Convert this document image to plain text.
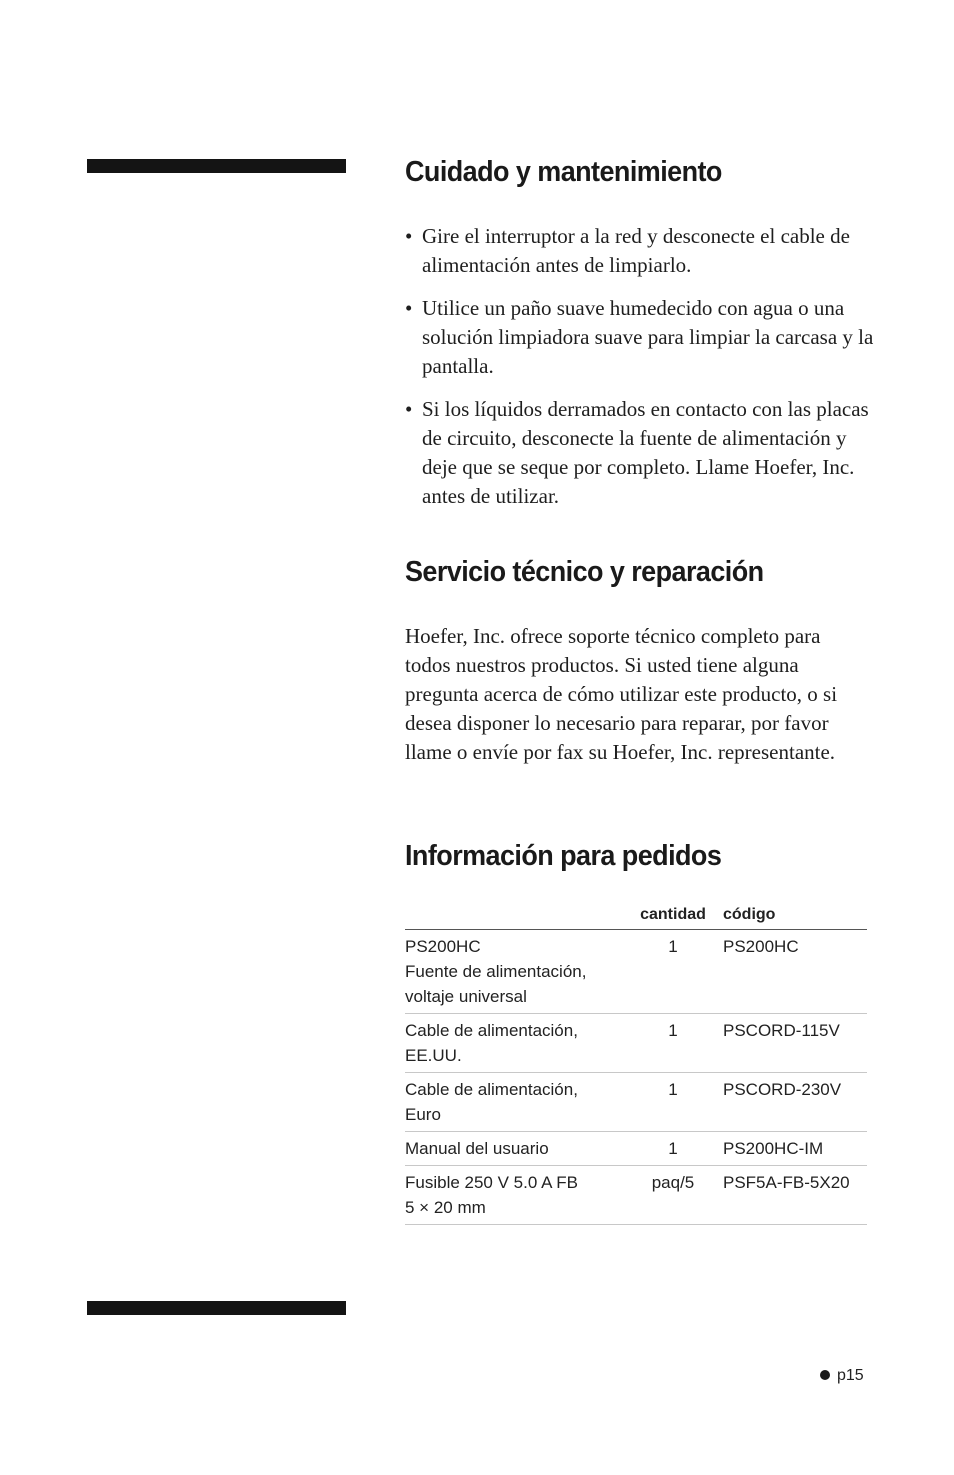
Cuidado y mantenimiento
• Gire el interruptor a la red y desconecte el cable de alimentación antes de limpiarlo.
• Utilice un paño suave humedecido con agua o una solución limpiadora suave para limpiar la carcasa y la pantalla.
• Si los líquidos derramados en contacto con las placas de circuito, desconecte la fuente de alimentación y deje que se seque por completo. Llame Hoefer, Inc. antes de utilizar.
Servicio técnico y reparación

Hoefer, Inc. ofrece soporte técnico completo para todos nuestros productos. Si usted tiene alguna pregunta acerca de cómo utilizar este producto, o si desea disponer lo necesario para reparar, por favor llame o envíe por fax su Hoefer, Inc. representante.

Información para pedidos
	cantidad	código

PS200HC
Fuente de alimentación,
voltaje universal	1	PS200HC

Cable de alimentación,
EE.UU.	1	PSCORD-115V

Cable de alimentación,
Euro	1	PSCORD-230V

Manual del usuario	1	PS200HC-IM

Fusible 250 V 5.0 A FB
5 × 20 mm	paq/5	PSF5A-FB-5X20
p15
